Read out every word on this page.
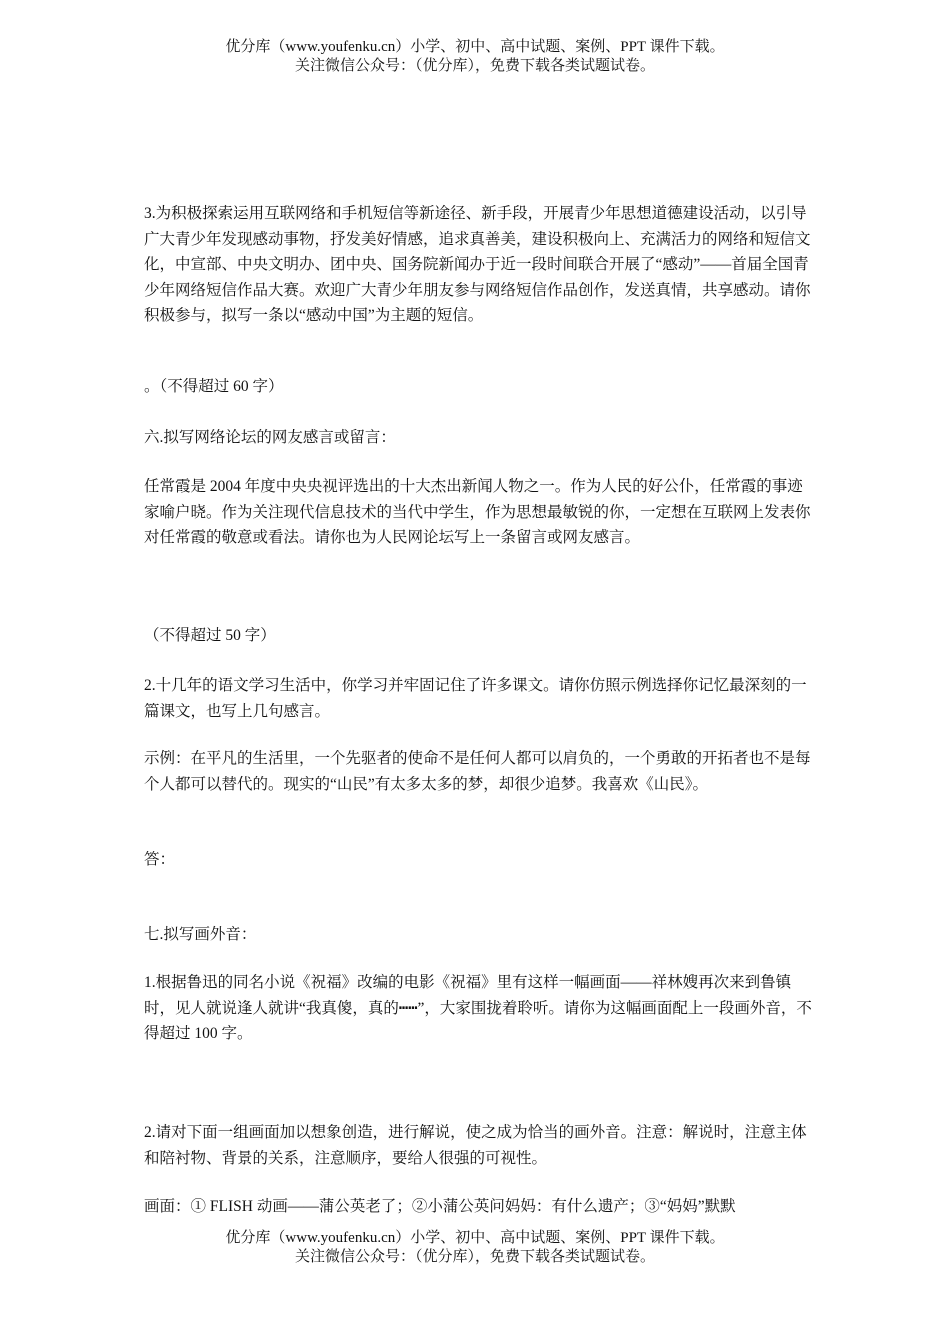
优分库（www.youfenku.cn）小学、初中、高中试题、案例、PPT 课件下载。
关注微信公众号：（优分库），免费下载各类试题试卷。

3.为积极探索运用互联网络和手机短信等新途径、新手段，开展青少年思想道德建设活动，以引导广大青少年发现感动事物，抒发美好情感，追求真善美，建设积极向上、充满活力的网络和短信文化，中宣部、中央文明办、团中央、国务院新闻办于近一段时间联合开展了“感动”——首届全国青少年网络短信作品大赛。欢迎广大青少年朋友参与网络短信作品创作，发送真情，共享感动。请你积极参与，拟写一条以“感动中国”为主题的短信。

。（不得超过 60 字）

六.拟写网络论坛的网友感言或留言：

任常霞是 2004 年度中央央视评选出的十大杰出新闻人物之一。作为人民的好公仆，任常霞的事迹家喻户晓。作为关注现代信息技术的当代中学生，作为思想最敏锐的你，一定想在互联网上发表你对任常霞的敬意或看法。请你也为人民网论坛写上一条留言或网友感言。

（不得超过 50 字）

2.十几年的语文学习生活中，你学习并牢固记住了许多课文。请你仿照示例选择你记忆最深刻的一篇课文，也写上几句感言。

示例：在平凡的生活里，一个先驱者的使命不是任何人都可以肩负的，一个勇敢的开拓者也不是每个人都可以替代的。现实的“山民”有太多太多的梦，却很少追梦。我喜欢《山民》。

答：

七.拟写画外音：

1.根据鲁迅的同名小说《祝福》改编的电影《祝福》里有这样一幅画面——祥林嫂再次来到鲁镇时，见人就说逢人就讲“我真傻，真的┅┅”，大家围拢着聆听。请你为这幅画面配上一段画外音，不得超过 100 字。

2.请对下面一组画面加以想象创造，进行解说，使之成为恰当的画外音。注意：解说时，注意主体和陪衬物、背景的关系，注意顺序，要给人很强的可视性。

画面：① FLISH 动画——蒲公英老了；②小蒲公英问妈妈：有什么遗产；③“妈妈”默默

优分库（www.youfenku.cn）小学、初中、高中试题、案例、PPT 课件下载。
关注微信公众号：（优分库），免费下载各类试题试卷。
